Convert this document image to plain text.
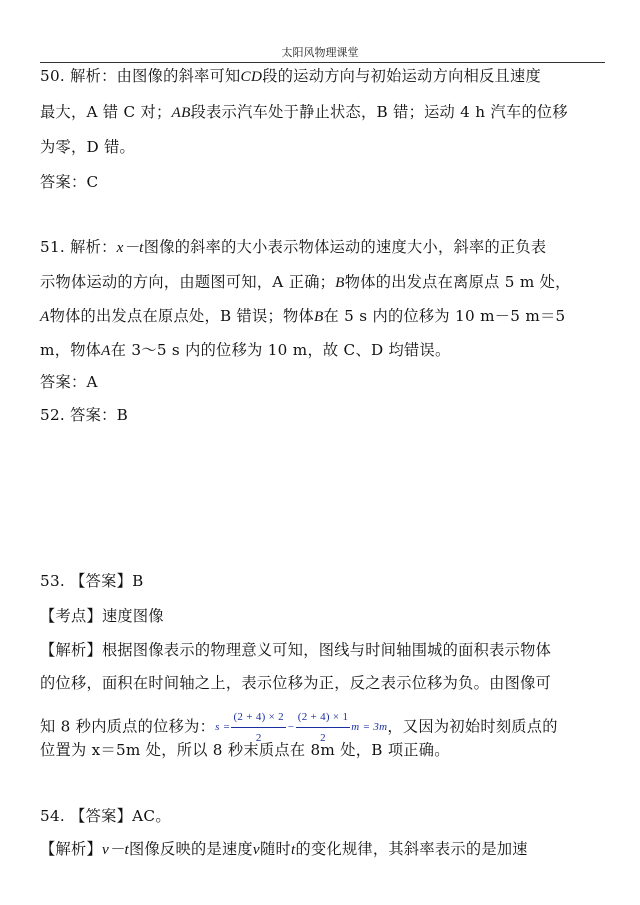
太阳风物理课堂
50. 解析：由图像的斜率可知CD段的运动方向与初始运动方向相反且速度
最大，A 错 C 对；AB段表示汽车处于静止状态，B 错；运动 4 h 汽车的位移
为零，D 错。
答案：C
51. 解析：x－t图像的斜率的大小表示物体运动的速度大小，斜率的正负表
示物体运动的方向，由题图可知，A 正确；B物体的出发点在离原点 5 m 处，
A物体的出发点在原点处，B 错误；物体B在 5 s 内的位移为 10 m－5 m＝5
m，物体A在 3～5 s 内的位移为 10 m，故 C、D 均错误。
答案：A
52. 答案：B
53. 【答案】B
【考点】速度图像
【解析】根据图像表示的物理意义可知，图线与时间轴围城的面积表示物体
的位移，面积在时间轴之上，表示位移为正，反之表示位移为负。由图像可
知 8 秒内质点的位移为：$s = \frac{(2 + 4) \times 2}{2} - \frac{(2 + 4) \times 1}{2}$ m = 3m，又因为初始时刻质点的
位置为 x＝5m 处，所以 8 秒末质点在 8m 处，B 项正确。
54. 【答案】AC。
【解析】v－t图像反映的是速度v随时t的变化规律，其斜率表示的是加速
